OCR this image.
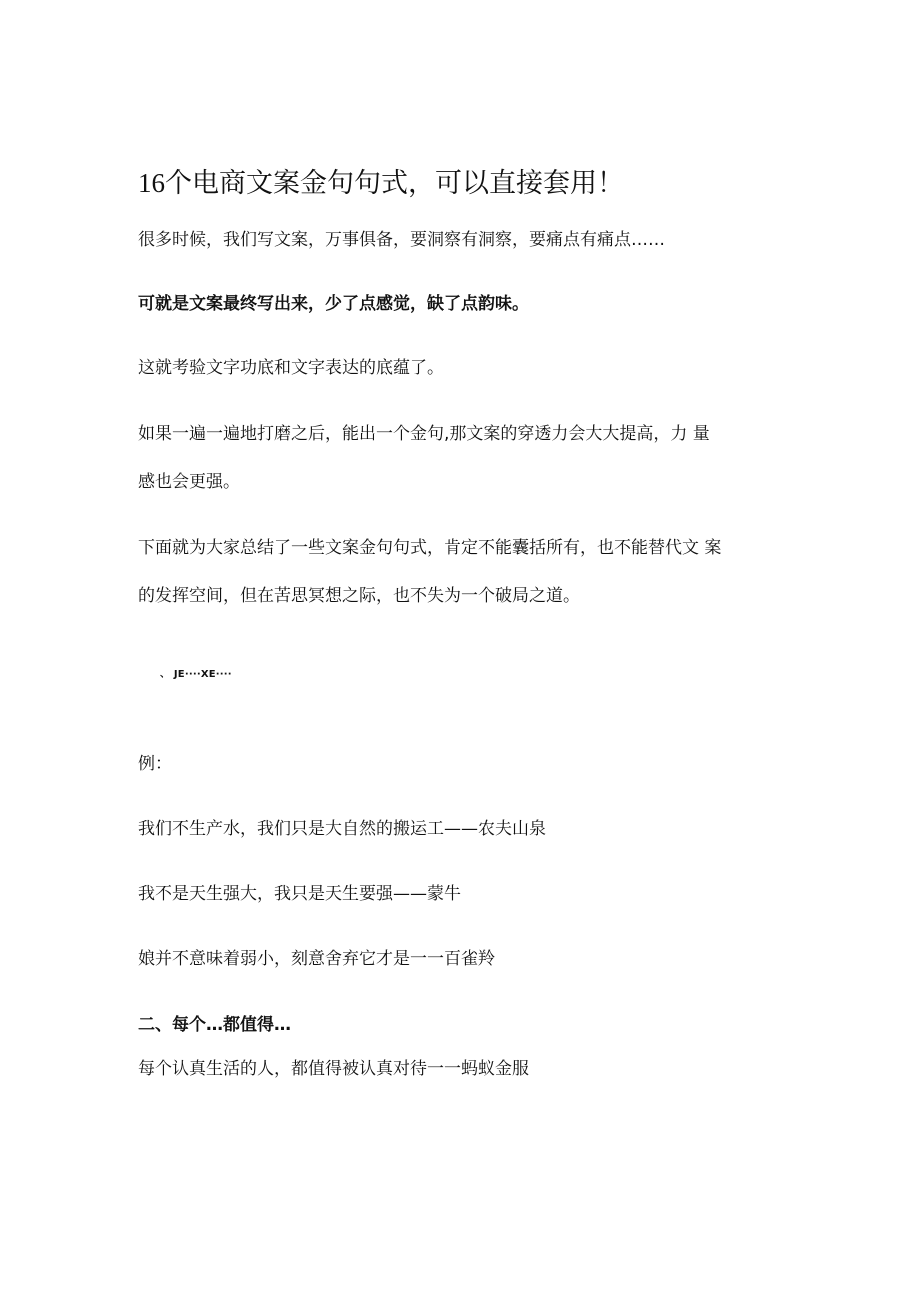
16个电商文案金句句式，可以直接套用！
很多时候，我们写文案，万事俱备，要洞察有洞察，要痛点有痛点……
可就是文案最终写出来，少了点感觉，缺了点韵味。
这就考验文字功底和文字表达的底蕴了。
如果一遍一遍地打磨之后，能出一个金句,那文案的穿透力会大大提高，力 量
感也会更强。
下面就为大家总结了一些文案金句句式，肯定不能囊括所有，也不能替代文 案
的发挥空间，但在苦思冥想之际，也不失为一个破局之道。
、 JE····XE····
例：
我们不生产水，我们只是大自然的搬运工——农夫山泉
我不是天生强大，我只是天生要强——蒙牛
娘并不意味着弱小，刻意舍弃它才是一一百雀羚
二、每个…都值得…
每个认真生活的人，都值得被认真对待一一蚂蚁金服
